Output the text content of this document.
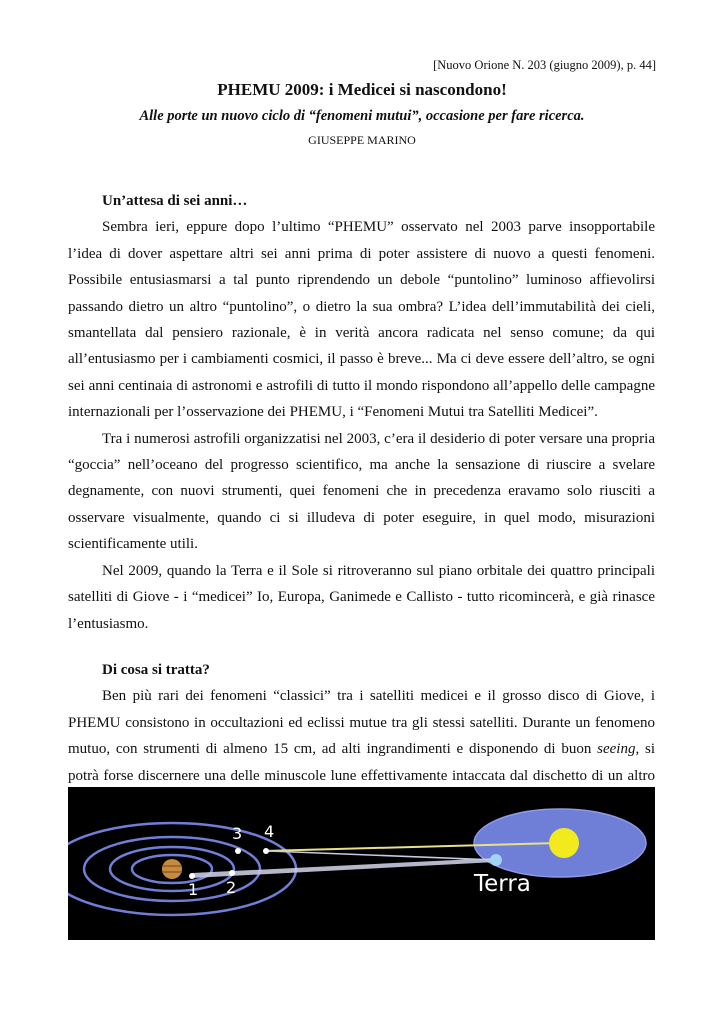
[Nuovo Orione N. 203 (giugno 2009), p. 44]
PHEMU 2009: i Medicei si nascondono!
Alle porte un nuovo ciclo di “fenomeni mutui”, occasione per fare ricerca.
GIUSEPPE MARINO
Un’attesa di sei anni…

Sembra ieri, eppure dopo l’ultimo “PHEMU” osservato nel 2003 parve insopportabile l’idea di dover aspettare altri sei anni prima di poter assistere di nuovo a questi fenomeni. Possibile entusiasmarsi a tal punto riprendendo un debole “puntolino” luminoso affievolirsi passando dietro un altro “puntolino”, o dietro la sua ombra? L’idea dell’immutabilità dei cieli, smantellata dal pensiero razionale, è in verità ancora radicata nel senso comune; da qui all’entusiasmo per i cambiamenti cosmici, il passo è breve... Ma ci deve essere dell’altro, se ogni sei anni centinaia di astronomi e astrofili di tutto il mondo rispondono all’appello delle campagne internazionali per l’osservazione dei PHEMU, i “Fenomeni Mutui tra Satelliti Medicei”.

Tra i numerosi astrofili organizzatisi nel 2003, c’era il desiderio di poter versare una propria “goccia” nell’oceano del progresso scientifico, ma anche la sensazione di riuscire a svelare degnamente, con nuovi strumenti, quei fenomeni che in precedenza eravamo solo riusciti a osservare visualmente, quando ci si illudeva di poter eseguire, in quel modo, misurazioni scientificamente utili.

Nel 2009, quando la Terra e il Sole si ritroveranno sul piano orbitale dei quattro principali satelliti di Giove - i “medicei” Io, Europa, Ganimede e Callisto - tutto ricomincerà, e già rinasce l’entusiasmo.

Di cosa si tratta?

Ben più rari dei fenomeni “classici” tra i satelliti medicei e il grosso disco di Giove, i PHEMU consistono in occultazioni ed eclissi mutue tra gli stessi satelliti. Durante un fenomeno mutuo, con strumenti di almeno 15 cm, ad alti ingrandimenti e disponendo di buon seeing, si potrà forse discernere una delle minuscole lune effettivamente intaccata dal dischetto di un altro

1 2
3 4
Terra
